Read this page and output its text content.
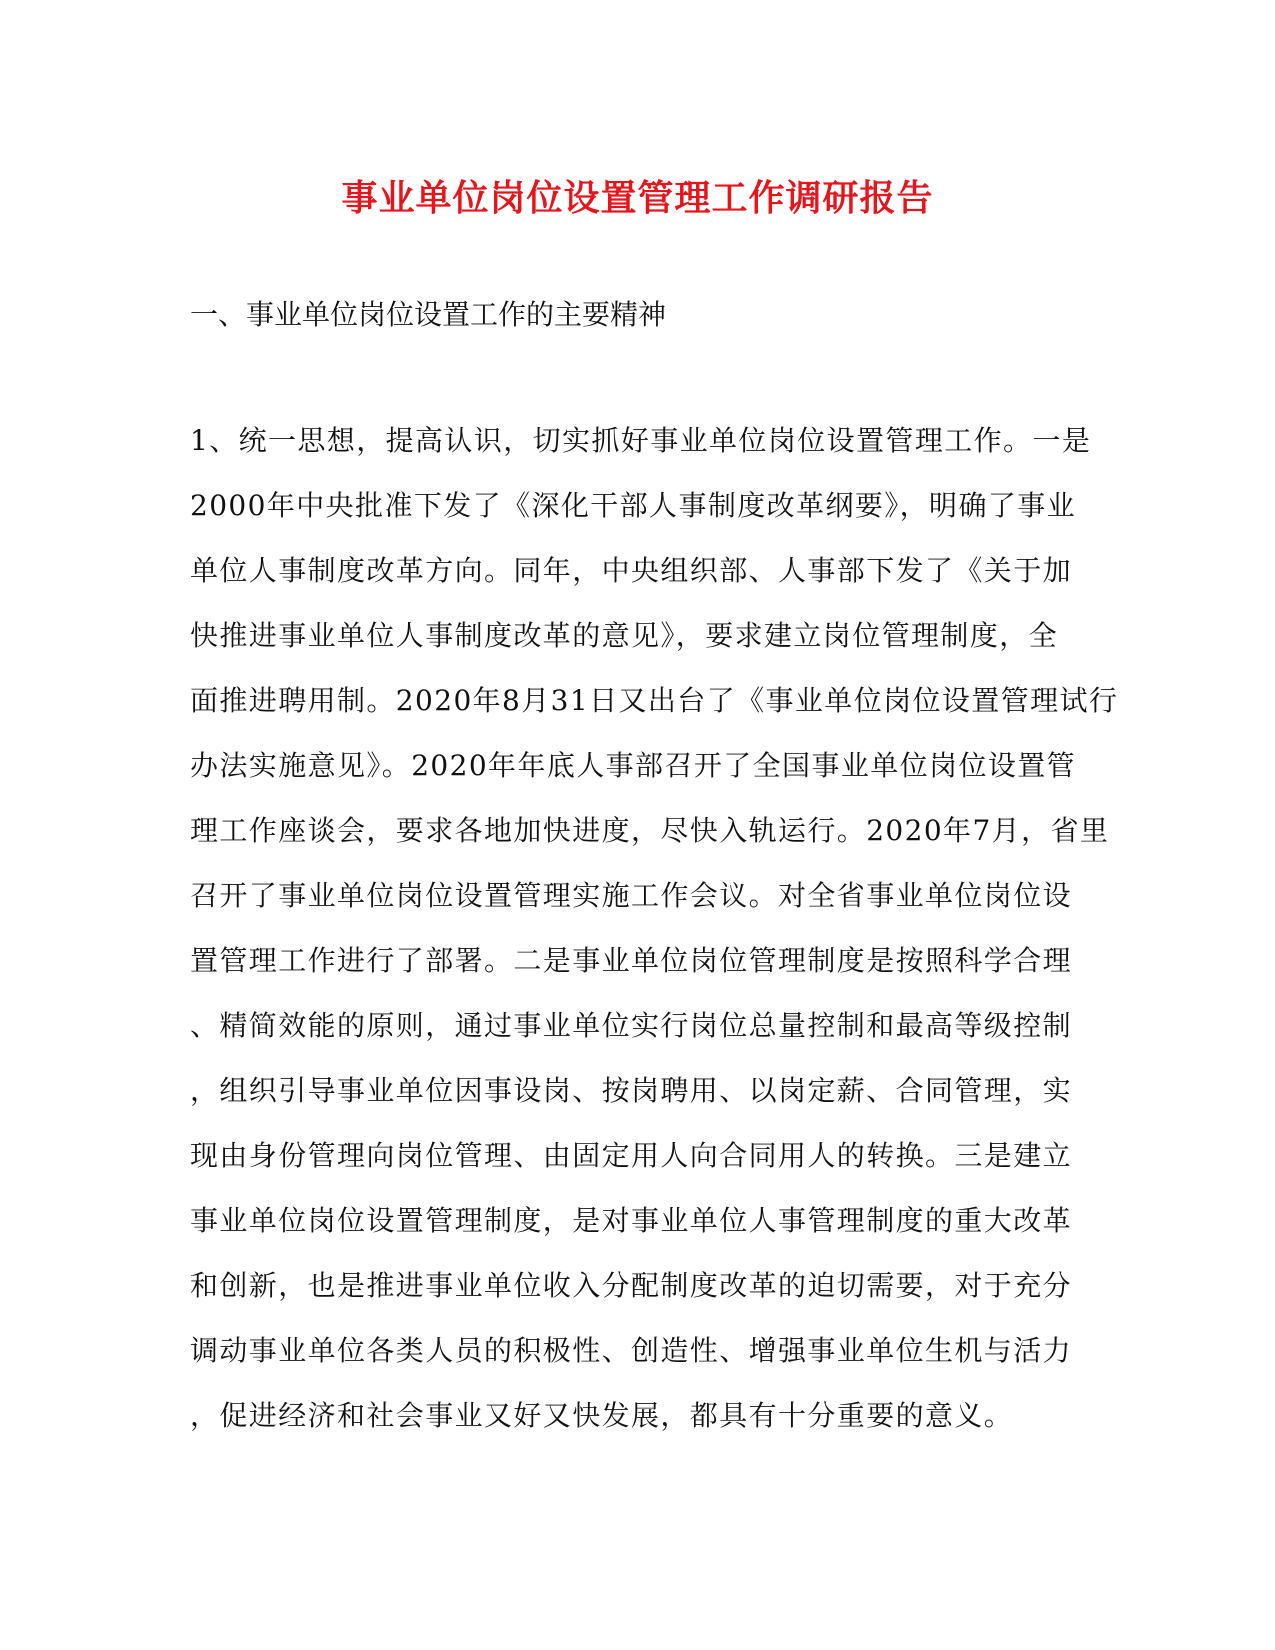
事业单位岗位设置管理工作调研报告
一、事业单位岗位设置工作的主要精神
1、统一思想，提高认识，切实抓好事业单位岗位设置管理工作。一是
2000年中央批准下发了《深化干部人事制度改革纲要》，明确了事业
单位人事制度改革方向。同年，中央组织部、人事部下发了《关于加
快推进事业单位人事制度改革的意见》，要求建立岗位管理制度，全
面推进聘用制。2020年8月31日又出台了《事业单位岗位设置管理试行
办法实施意见》。2020年年底人事部召开了全国事业单位岗位设置管
理工作座谈会，要求各地加快进度，尽快入轨运行。2020年7月，省里
召开了事业单位岗位设置管理实施工作会议。对全省事业单位岗位设
置管理工作进行了部署。二是事业单位岗位管理制度是按照科学合理
、精简效能的原则，通过事业单位实行岗位总量控制和最高等级控制
，组织引导事业单位因事设岗、按岗聘用、以岗定薪、合同管理，实
现由身份管理向岗位管理、由固定用人向合同用人的转换。三是建立
事业单位岗位设置管理制度，是对事业单位人事管理制度的重大改革
和创新，也是推进事业单位收入分配制度改革的迫切需要，对于充分
调动事业单位各类人员的积极性、创造性、增强事业单位生机与活力
，促进经济和社会事业又好又快发展，都具有十分重要的意义。
